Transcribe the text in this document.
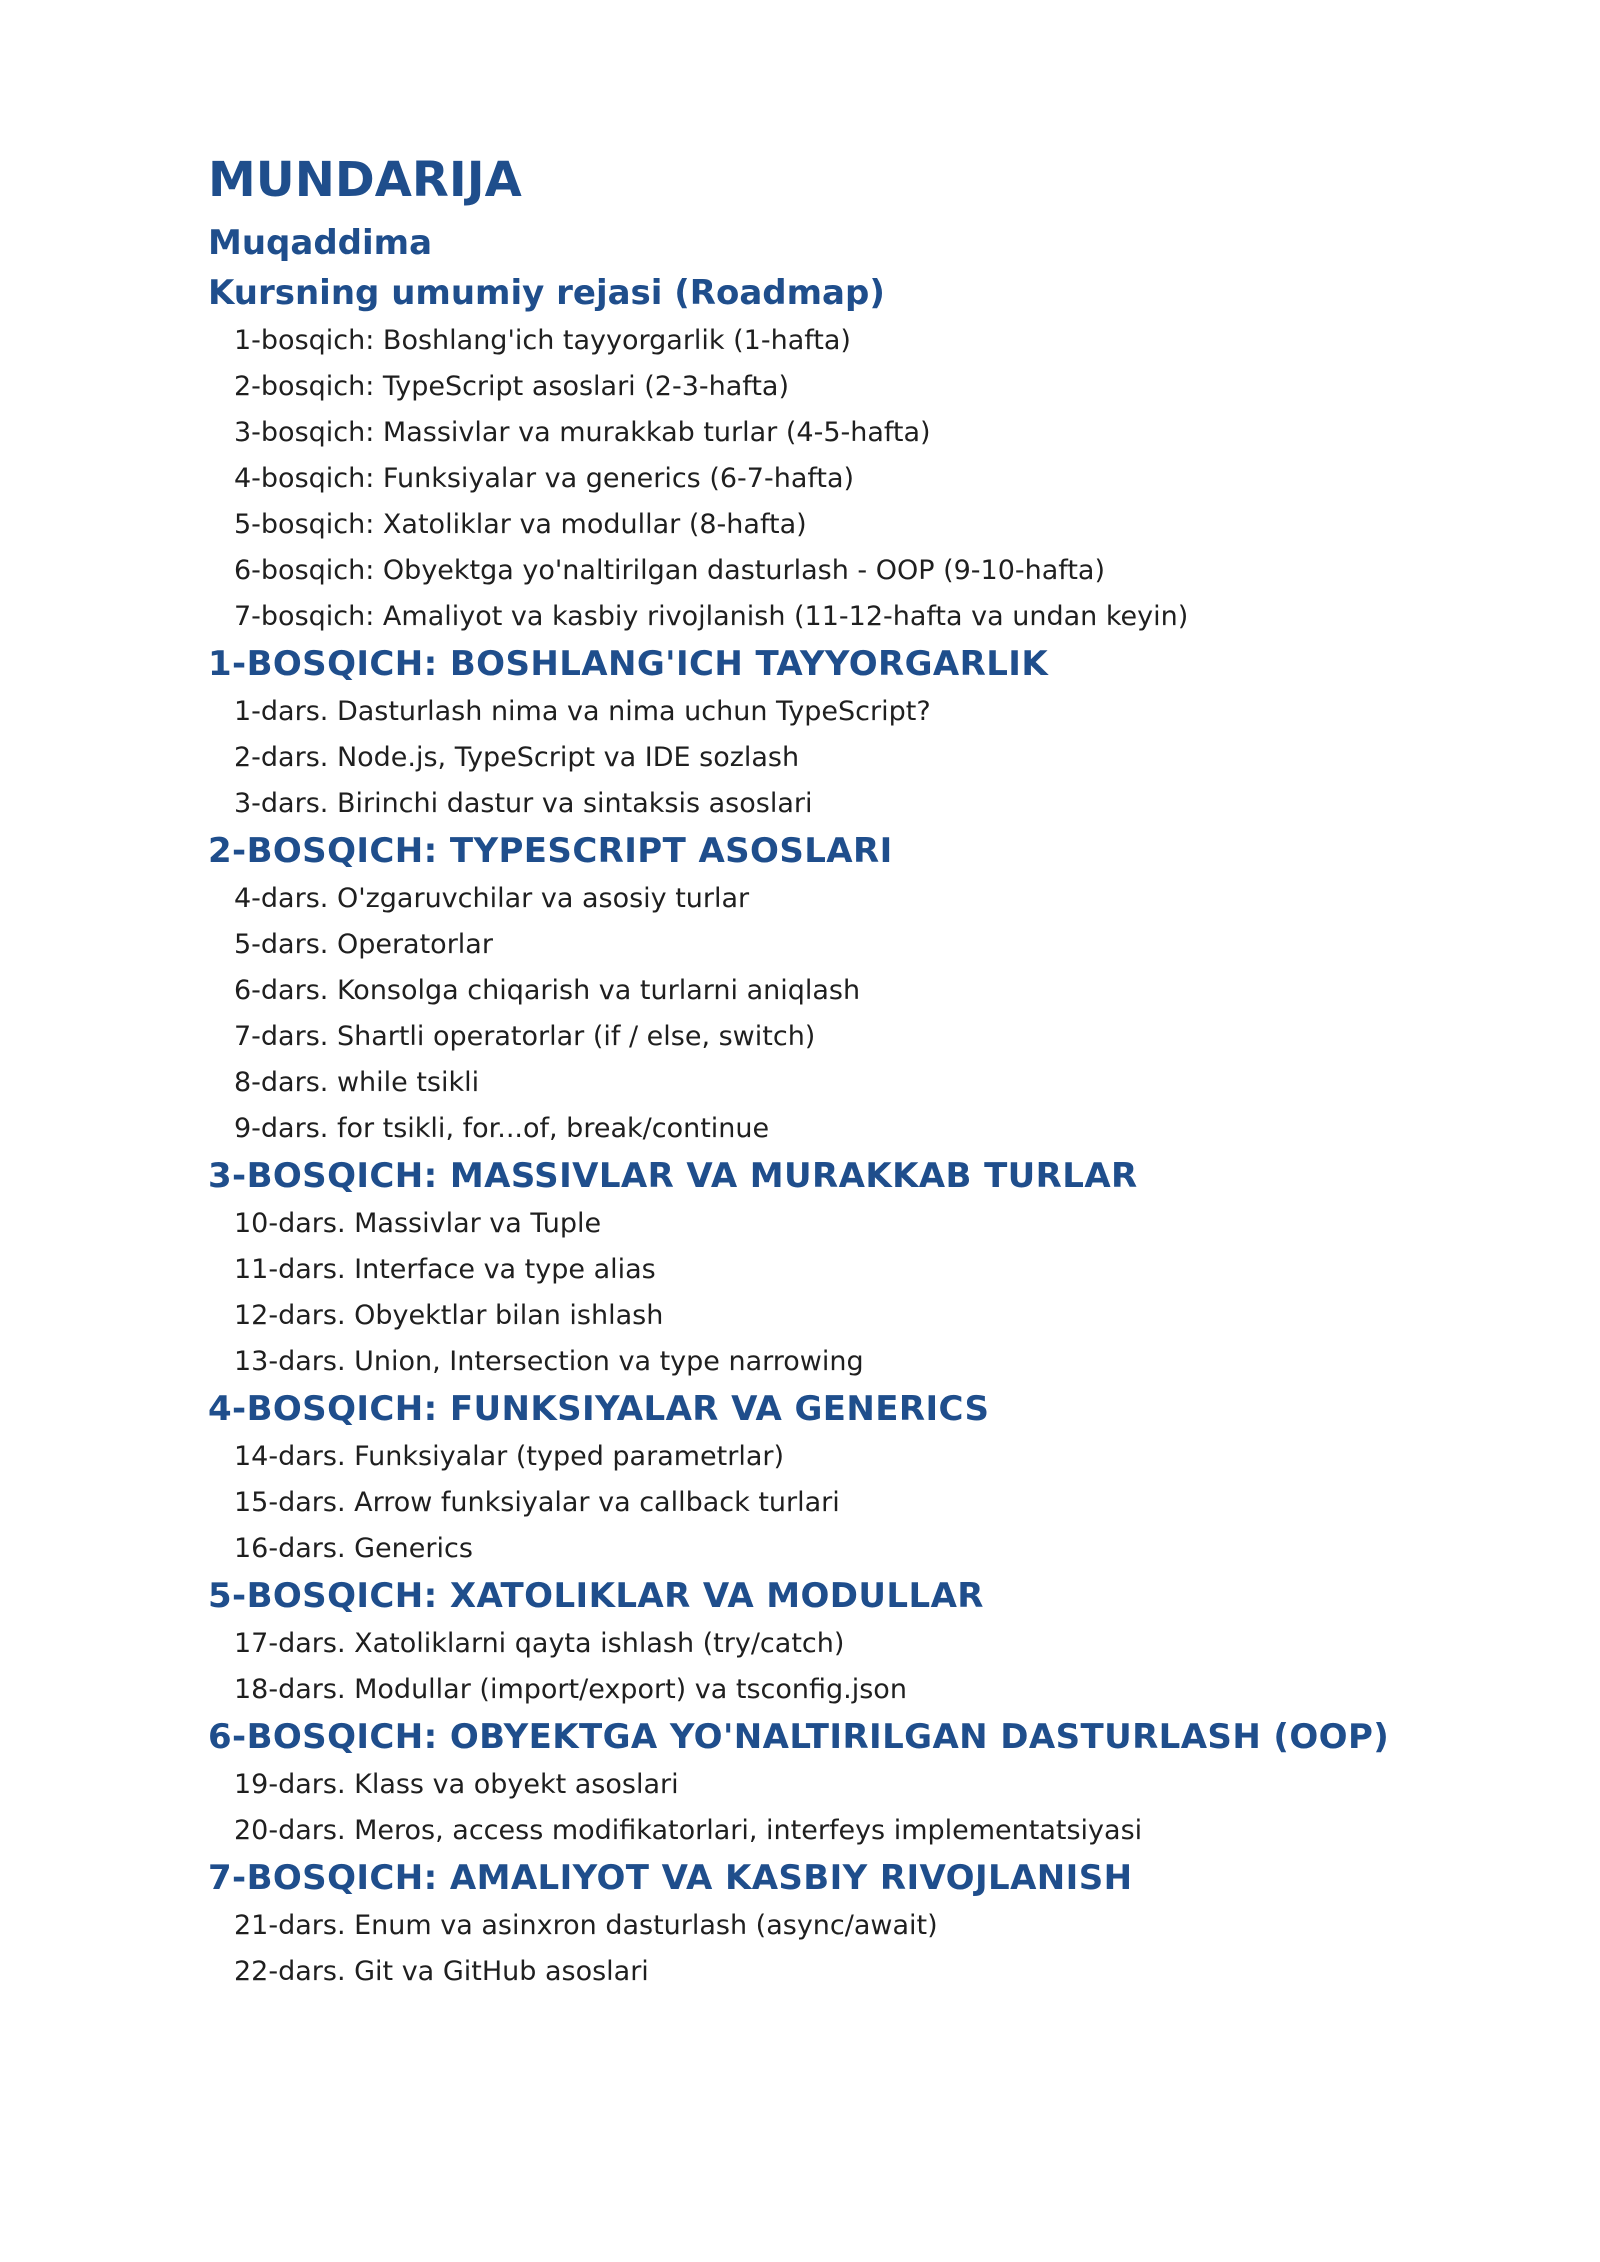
MUNDARIJA
Muqaddima
Kursning umumiy rejasi (Roadmap)
1-bosqich: Boshlang'ich tayyorgarlik (1-hafta)
2-bosqich: TypeScript asoslari (2-3-hafta)
3-bosqich: Massivlar va murakkab turlar (4-5-hafta)
4-bosqich: Funksiyalar va generics (6-7-hafta)
5-bosqich: Xatoliklar va modullar (8-hafta)
6-bosqich: Obyektga yo'naltirilgan dasturlash - OOP (9-10-hafta)
7-bosqich: Amaliyot va kasbiy rivojlanish (11-12-hafta va undan keyin)
1-BOSQICH: BOSHLANG'ICH TAYYORGARLIK
1-dars. Dasturlash nima va nima uchun TypeScript?
2-dars. Node.js, TypeScript va IDE sozlash
3-dars. Birinchi dastur va sintaksis asoslari
2-BOSQICH: TYPESCRIPT ASOSLARI
4-dars. O'zgaruvchilar va asosiy turlar
5-dars. Operatorlar
6-dars. Konsolga chiqarish va turlarni aniqlash
7-dars. Shartli operatorlar (if / else, switch)
8-dars. while tsikli
9-dars. for tsikli, for...of, break/continue
3-BOSQICH: MASSIVLAR VA MURAKKAB TURLAR
10-dars. Massivlar va Tuple
11-dars. Interface va type alias
12-dars. Obyektlar bilan ishlash
13-dars. Union, Intersection va type narrowing
4-BOSQICH: FUNKSIYALAR VA GENERICS
14-dars. Funksiyalar (typed parametrlar)
15-dars. Arrow funksiyalar va callback turlari
16-dars. Generics
5-BOSQICH: XATOLIKLAR VA MODULLAR
17-dars. Xatoliklarni qayta ishlash (try/catch)
18-dars. Modullar (import/export) va tsconfig.json
6-BOSQICH: OBYEKTGA YO'NALTIRILGAN DASTURLASH (OOP)
19-dars. Klass va obyekt asoslari
20-dars. Meros, access modifikatorlari, interfeys implementatsiyasi
7-BOSQICH: AMALIYOT VA KASBIY RIVOJLANISH
21-dars. Enum va asinxron dasturlash (async/await)
22-dars. Git va GitHub asoslari
